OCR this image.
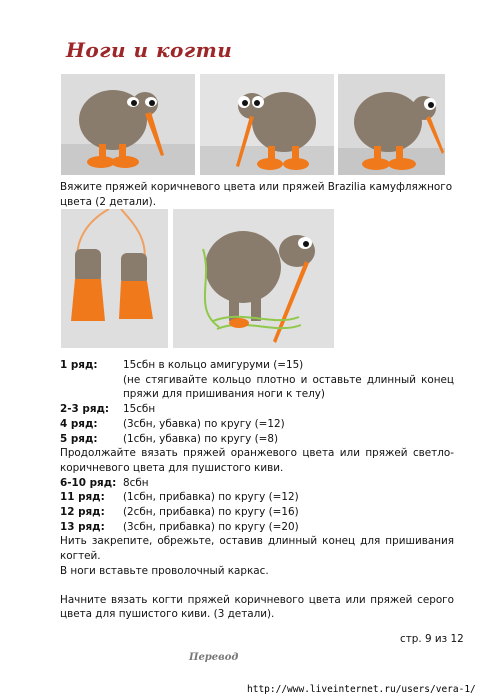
Ноги и когти
Вяжите пряжей коричневого цвета или пряжей Brazilia камуфляжного цвета (2 детали).
1 ряд:	15сбн в кольцо амигуруми (=15)
(не стягивайте кольцо плотно и оставьте длинный конец пряжи для пришивания ноги к телу)
2-3 ряд:	15сбн
4 ряд:	(3сбн, убавка) по кругу (=12)
5 ряд:	(1сбн, убавка) по кругу (=8)
Продолжайте вязать пряжей оранжевого цвета или пряжей светло-коричневого цвета для пушистого киви.
6-10 ряд: 8сбн
11 ряд:	(1сбн, прибавка) по кругу (=12)
12 ряд:	(2сбн, прибавка) по кругу (=16)
13 ряд:	(3сбн, прибавка) по кругу (=20)
Нить закрепите, обрежьте, оставив длинный конец для пришивания когтей.
В ноги вставьте проволочный каркас.
Начните вязать когти пряжей коричневого цвета или пряжей серого цвета для пушистого киви. (3 детали).
стр. 9 из 12
Перевод
http://www.liveinternet.ru/users/vera-1/
